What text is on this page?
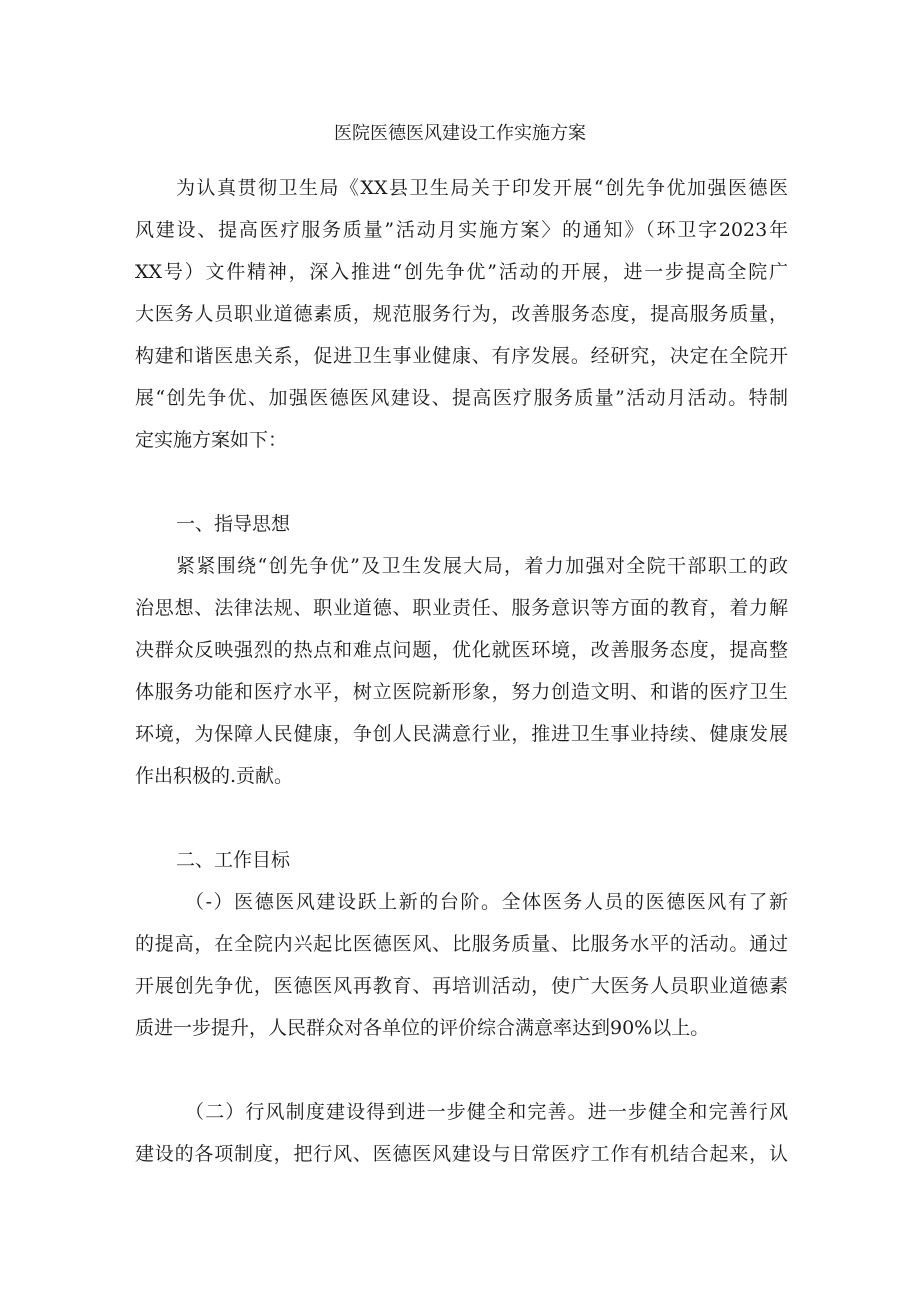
医院医德医风建设工作实施方案
为认真贯彻卫生局《XX县卫生局关于印发开展“创先争优加强医德医
风建设、提高医疗服务质量”活动月实施方案〉的通知》（环卫字2023年
XX号）文件精神，深入推进“创先争优”活动的开展，进一步提高全院广
大医务人员职业道德素质，规范服务行为，改善服务态度，提高服务质量，
构建和谐医患关系，促进卫生事业健康、有序发展。经研究，决定在全院开
展“创先争优、加强医德医风建设、提高医疗服务质量”活动月活动。特制
定实施方案如下：
一、指导思想
紧紧围绕“创先争优”及卫生发展大局，着力加强对全院干部职工的政
治思想、法律法规、职业道德、职业责任、服务意识等方面的教育，着力解
决群众反映强烈的热点和难点问题，优化就医环境，改善服务态度，提高整
体服务功能和医疗水平，树立医院新形象，努力创造文明、和谐的医疗卫生
环境，为保障人民健康，争创人民满意行业，推进卫生事业持续、健康发展
作出积极的.贡献。
二、工作目标
（-）医德医风建设跃上新的台阶。全体医务人员的医德医风有了新
的提高，在全院内兴起比医德医风、比服务质量、比服务水平的活动。通过
开展创先争优，医德医风再教育、再培训活动，使广大医务人员职业道德素
质进一步提升，人民群众对各单位的评价综合满意率达到90%以上。
（二）行风制度建设得到进一步健全和完善。进一步健全和完善行风
建设的各项制度，把行风、医德医风建设与日常医疗工作有机结合起来，认
